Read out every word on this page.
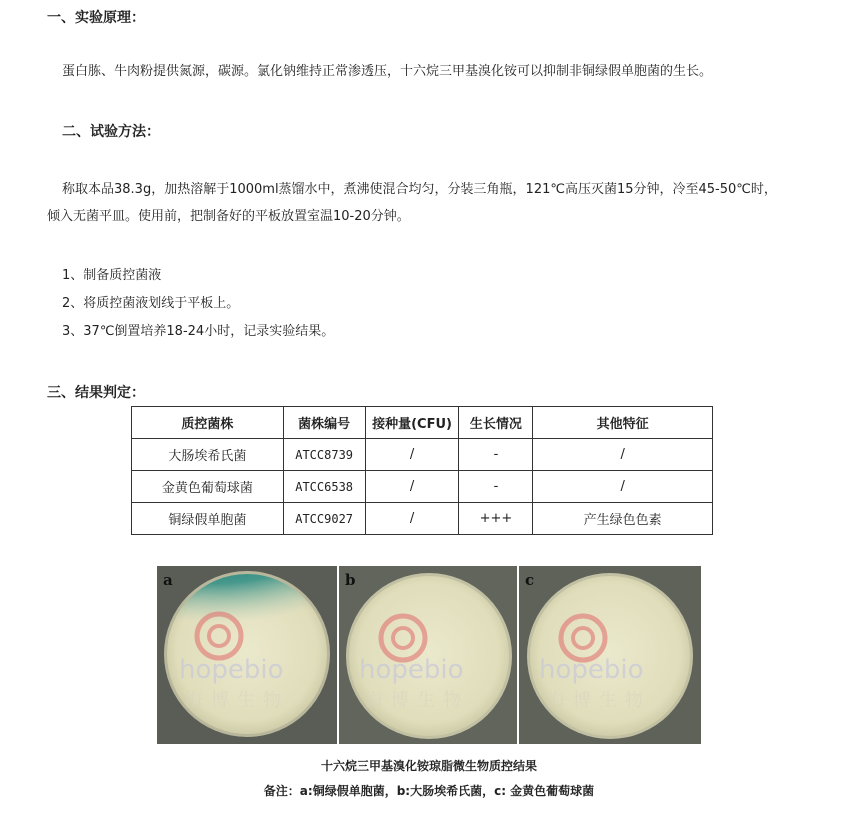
一、实验原理：
蛋白胨、牛肉粉提供氮源，碳源。氯化钠维持正常渗透压，十六烷三甲基溴化铵可以抑制非铜绿假单胞菌的生长。
二、试验方法：
称取本品38.3g，加热溶解于1000ml蒸馏水中，煮沸使混合均匀，分装三角瓶，121℃高压灭菌15分钟，冷至45-50℃时，
倾入无菌平皿。使用前，把制备好的平板放置室温10-20分钟。
1、制备质控菌液
2、将质控菌液划线于平板上。
3、37℃倒置培养18-24小时，记录实验结果。
三、结果判定：
质控菌株	菌株编号	接种量(CFU)	生长情况	其他特征
大肠埃希氏菌	ATCC8739	/	-	/
金黄色葡萄球菌	ATCC6538	/	-	/
铜绿假单胞菌	ATCC9027	/	+++	产生绿色色素
hopebio	hopebio	hopebio
海博生物	海博生物	海博生物
a	b	c
十六烷三甲基溴化铵琼脂微生物质控结果
备注：a:铜绿假单胞菌，b:大肠埃希氏菌，c: 金黄色葡萄球菌
